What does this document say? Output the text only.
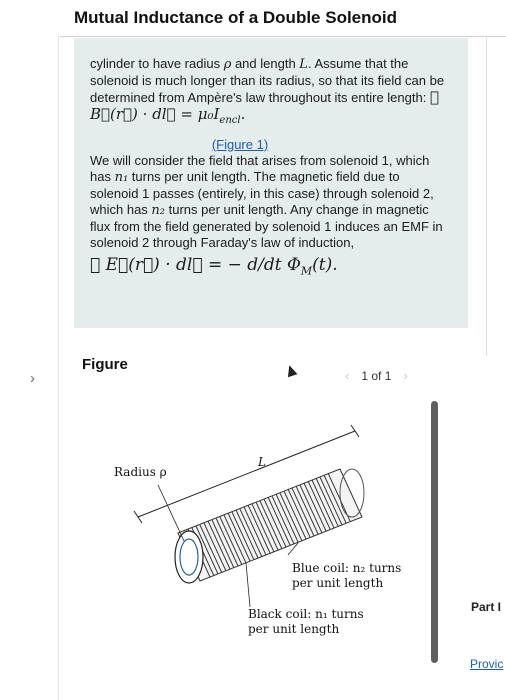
Mutual Inductance of a Double Solenoid
›

cylinder to have radius ρ and length L. Assume that the solenoid is much longer than its radius, so that its field can be determined from Ampère's law throughout its entire length: ∮ B⃗(r⃗) · dl⃗ = $\mu_0I_{encl}$.

(Figure 1)

We will consider the field that arises from solenoid 1, which has n₁ turns per unit length. The magnetic field due to solenoid 1 passes (entirely, in this case) through solenoid 2, which has n₂ turns per unit length. Any change in magnetic flux from the field generated by solenoid 1 induces an EMF in solenoid 2 through Faraday's law of induction,

∮ E⃗(r⃗) · dl⃗ = − d/dt $\Phi_M(t)$.
Figure
‹ 1 of 1 ›
Radius ρ
L
Blue coil: n₂ turns
per unit length
Black coil: n₁ turns
per unit length
Part I
Provic
